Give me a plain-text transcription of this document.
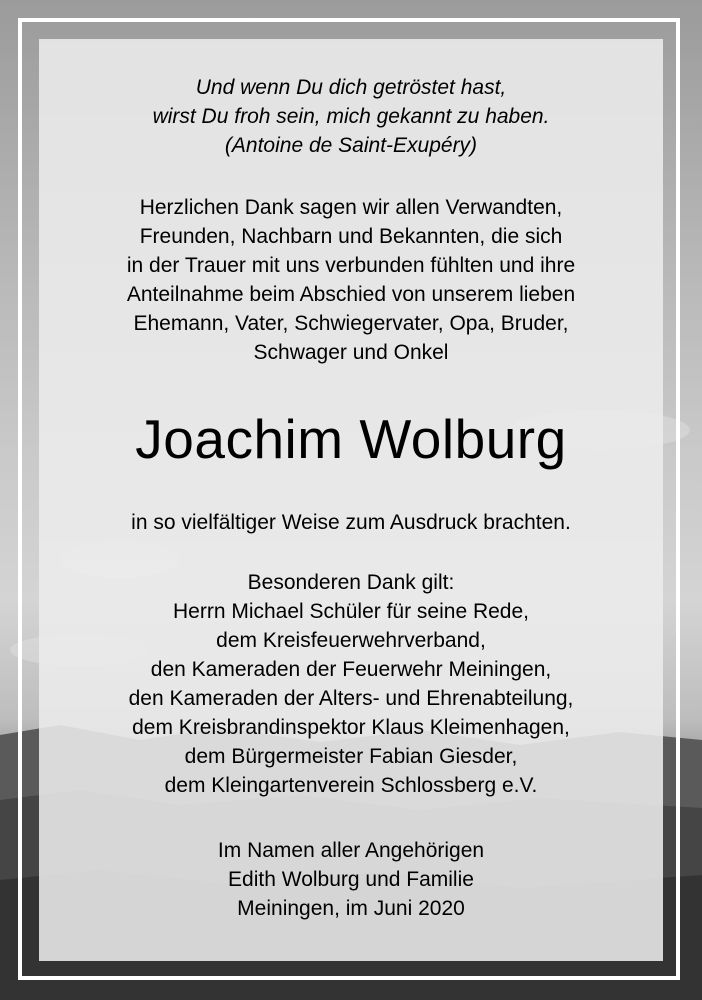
Und wenn Du dich getröstet hast,
wirst Du froh sein, mich gekannt zu haben.
(Antoine de Saint-Exupéry)
Herzlichen Dank sagen wir allen Verwandten,
Freunden, Nachbarn und Bekannten, die sich
in der Trauer mit uns verbunden fühlten und ihre
Anteilnahme beim Abschied von unserem lieben
Ehemann, Vater, Schwiegervater, Opa, Bruder,
Schwager und Onkel
Joachim Wolburg
in so vielfältiger Weise zum Ausdruck brachten.
Besonderen Dank gilt:
Herrn Michael Schüler für seine Rede,
dem Kreisfeuerwehrverband,
den Kameraden der Feuerwehr Meiningen,
den Kameraden der Alters- und Ehrenabteilung,
dem Kreisbrandinspektor Klaus Kleimenhagen,
dem Bürgermeister Fabian Giesder,
dem Kleingartenverein Schlossberg e.V.
Im Namen aller Angehörigen
Edith Wolburg und Familie
Meiningen, im Juni 2020
